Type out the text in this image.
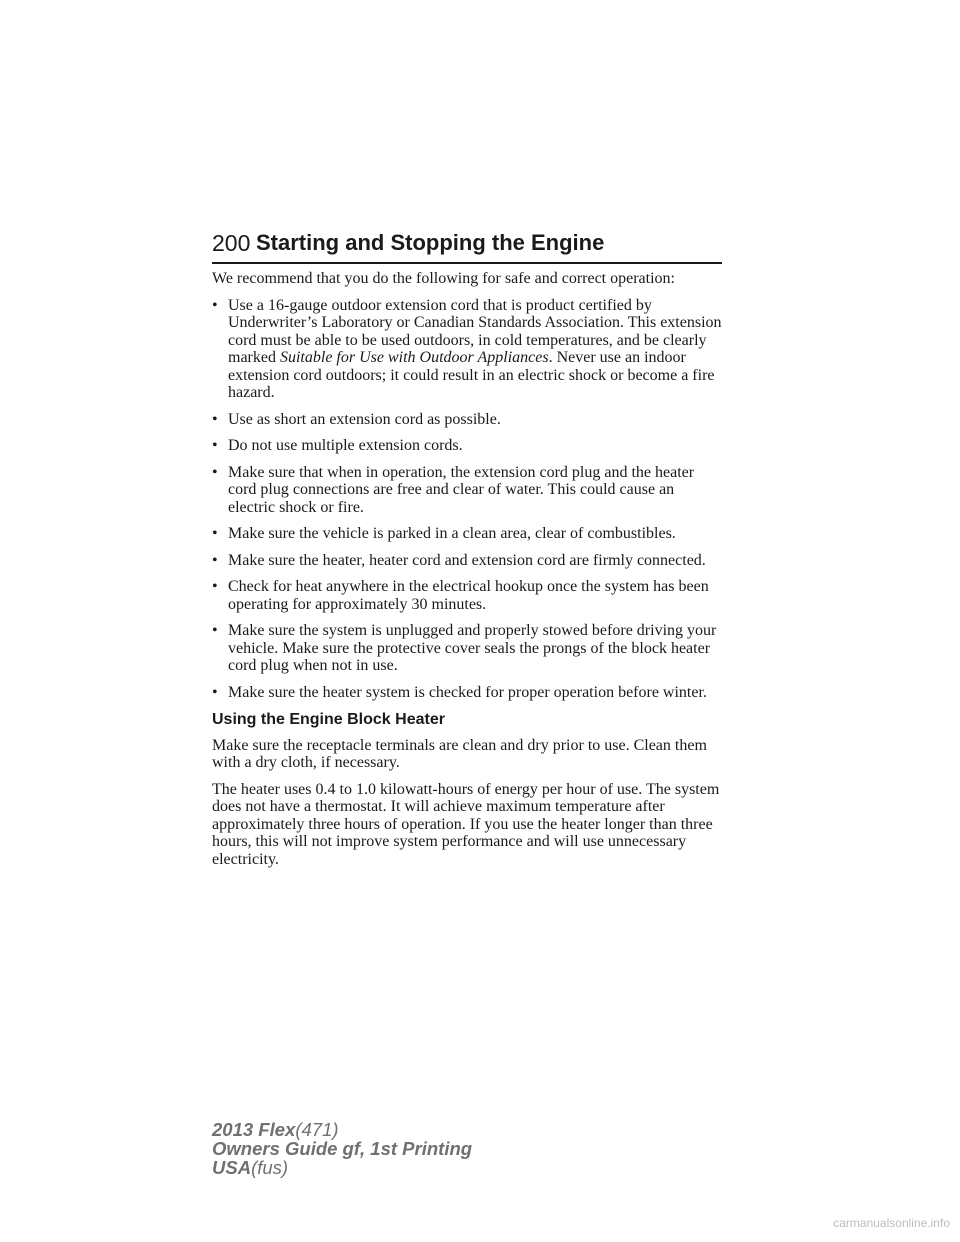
200 Starting and Stopping the Engine

We recommend that you do the following for safe and correct operation:

• Use a 16-gauge outdoor extension cord that is product certified by Underwriter’s Laboratory or Canadian Standards Association. This extension cord must be able to be used outdoors, in cold temperatures, and be clearly marked Suitable for Use with Outdoor Appliances. Never use an indoor extension cord outdoors; it could result in an electric shock or become a fire hazard.
• Use as short an extension cord as possible.
• Do not use multiple extension cords.
• Make sure that when in operation, the extension cord plug and the heater cord plug connections are free and clear of water. This could cause an electric shock or fire.
• Make sure the vehicle is parked in a clean area, clear of combustibles.
• Make sure the heater, heater cord and extension cord are firmly connected.
• Check for heat anywhere in the electrical hookup once the system has been operating for approximately 30 minutes.
• Make sure the system is unplugged and properly stowed before driving your vehicle. Make sure the protective cover seals the prongs of the block heater cord plug when not in use.
• Make sure the heater system is checked for proper operation before winter.
Using the Engine Block Heater

Make sure the receptacle terminals are clean and dry prior to use. Clean them with a dry cloth, if necessary.

The heater uses 0.4 to 1.0 kilowatt-hours of energy per hour of use. The system does not have a thermostat. It will achieve maximum temperature after approximately three hours of operation. If you use the heater longer than three hours, this will not improve system performance and will use unnecessary electricity.

2013 Flex(471)
Owners Guide gf, 1st Printing
USA(fus)
carmanualsonline.info
